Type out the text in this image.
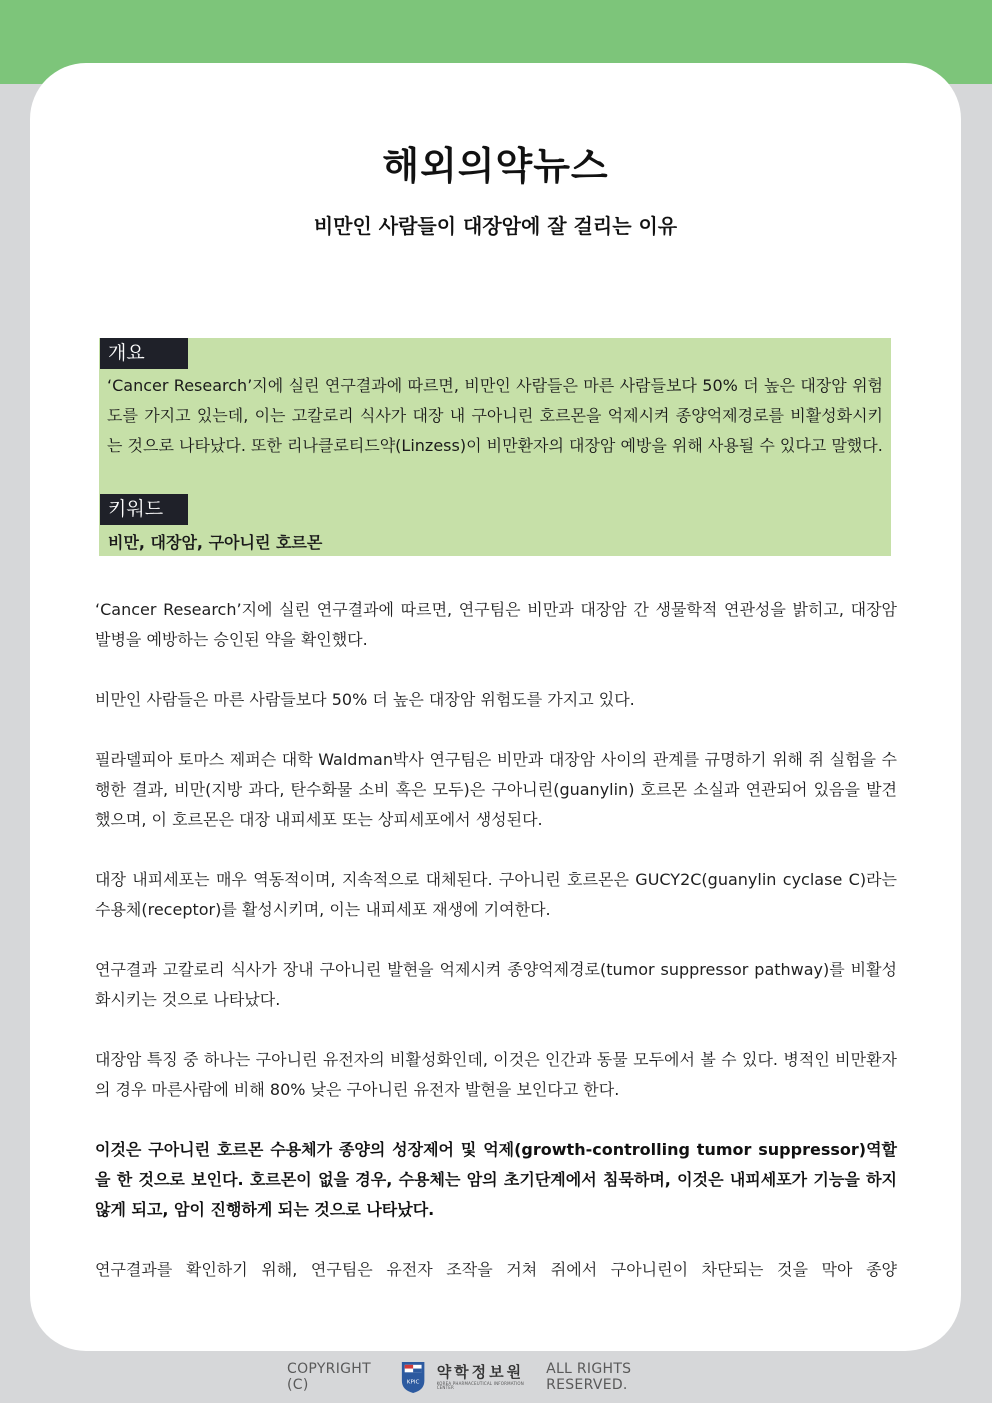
해외의약뉴스
비만인 사람들이 대장암에 잘 걸리는 이유
개요

‘Cancer Research’지에 실린 연구결과에 따르면, 비만인 사람들은 마른 사람들보다 50% 더 높은 대장암 위험도를 가지고 있는데, 이는 고칼로리 식사가 대장 내 구아니린 호르몬을 억제시켜 종양억제경로를 비활성화시키는 것으로 나타났다. 또한 리나클로티드약(Linzess)이 비만환자의 대장암 예방을 위해 사용될 수 있다고 말했다.

키워드
비만, 대장암, 구아니린 호르몬

‘Cancer Research’지에 실린 연구결과에 따르면, 연구팀은 비만과 대장암 간 생물학적 연관성을 밝히고, 대장암 발병을 예방하는 승인된 약을 확인했다.

비만인 사람들은 마른 사람들보다 50% 더 높은 대장암 위험도를 가지고 있다.

필라델피아 토마스 제퍼슨 대학 Waldman박사 연구팀은 비만과 대장암 사이의 관계를 규명하기 위해 쥐 실험을 수행한 결과, 비만(지방 과다, 탄수화물 소비 혹은 모두)은 구아니린(guanylin) 호르몬 소실과 연관되어 있음을 발견했으며, 이 호르몬은 대장 내피세포 또는 상피세포에서 생성된다.

대장 내피세포는 매우 역동적이며, 지속적으로 대체된다. 구아니린 호르몬은 GUCY2C(guanylin cyclase C)라는 수용체(receptor)를 활성시키며, 이는 내피세포 재생에 기여한다.

연구결과 고칼로리 식사가 장내 구아니린 발현을 억제시켜 종양억제경로(tumor suppressor pathway)를 비활성화시키는 것으로 나타났다.

대장암 특징 중 하나는 구아니린 유전자의 비활성화인데, 이것은 인간과 동물 모두에서 볼 수 있다. 병적인 비만환자의 경우 마른사람에 비해 80% 낮은 구아니린 유전자 발현을 보인다고 한다.

이것은 구아니린 호르몬 수용체가 종양의 성장제어 및 억제(growth-controlling tumor suppressor)역할을 한 것으로 보인다. 호르몬이 없을 경우, 수용체는 암의 초기단계에서 침묵하며, 이것은 내피세포가 기능을 하지 않게 되고, 암이 진행하게 되는 것으로 나타났다.

연구결과를 확인하기 위해, 연구팀은 유전자 조작을 거쳐 쥐에서 구아니린이 차단되는 것을 막아 종양

COPYRIGHT (C)	KPIC
약학정보원
KOREA PHARMACEUTICAL INFORMATION CENTER
ALL RIGHTS RESERVED.
